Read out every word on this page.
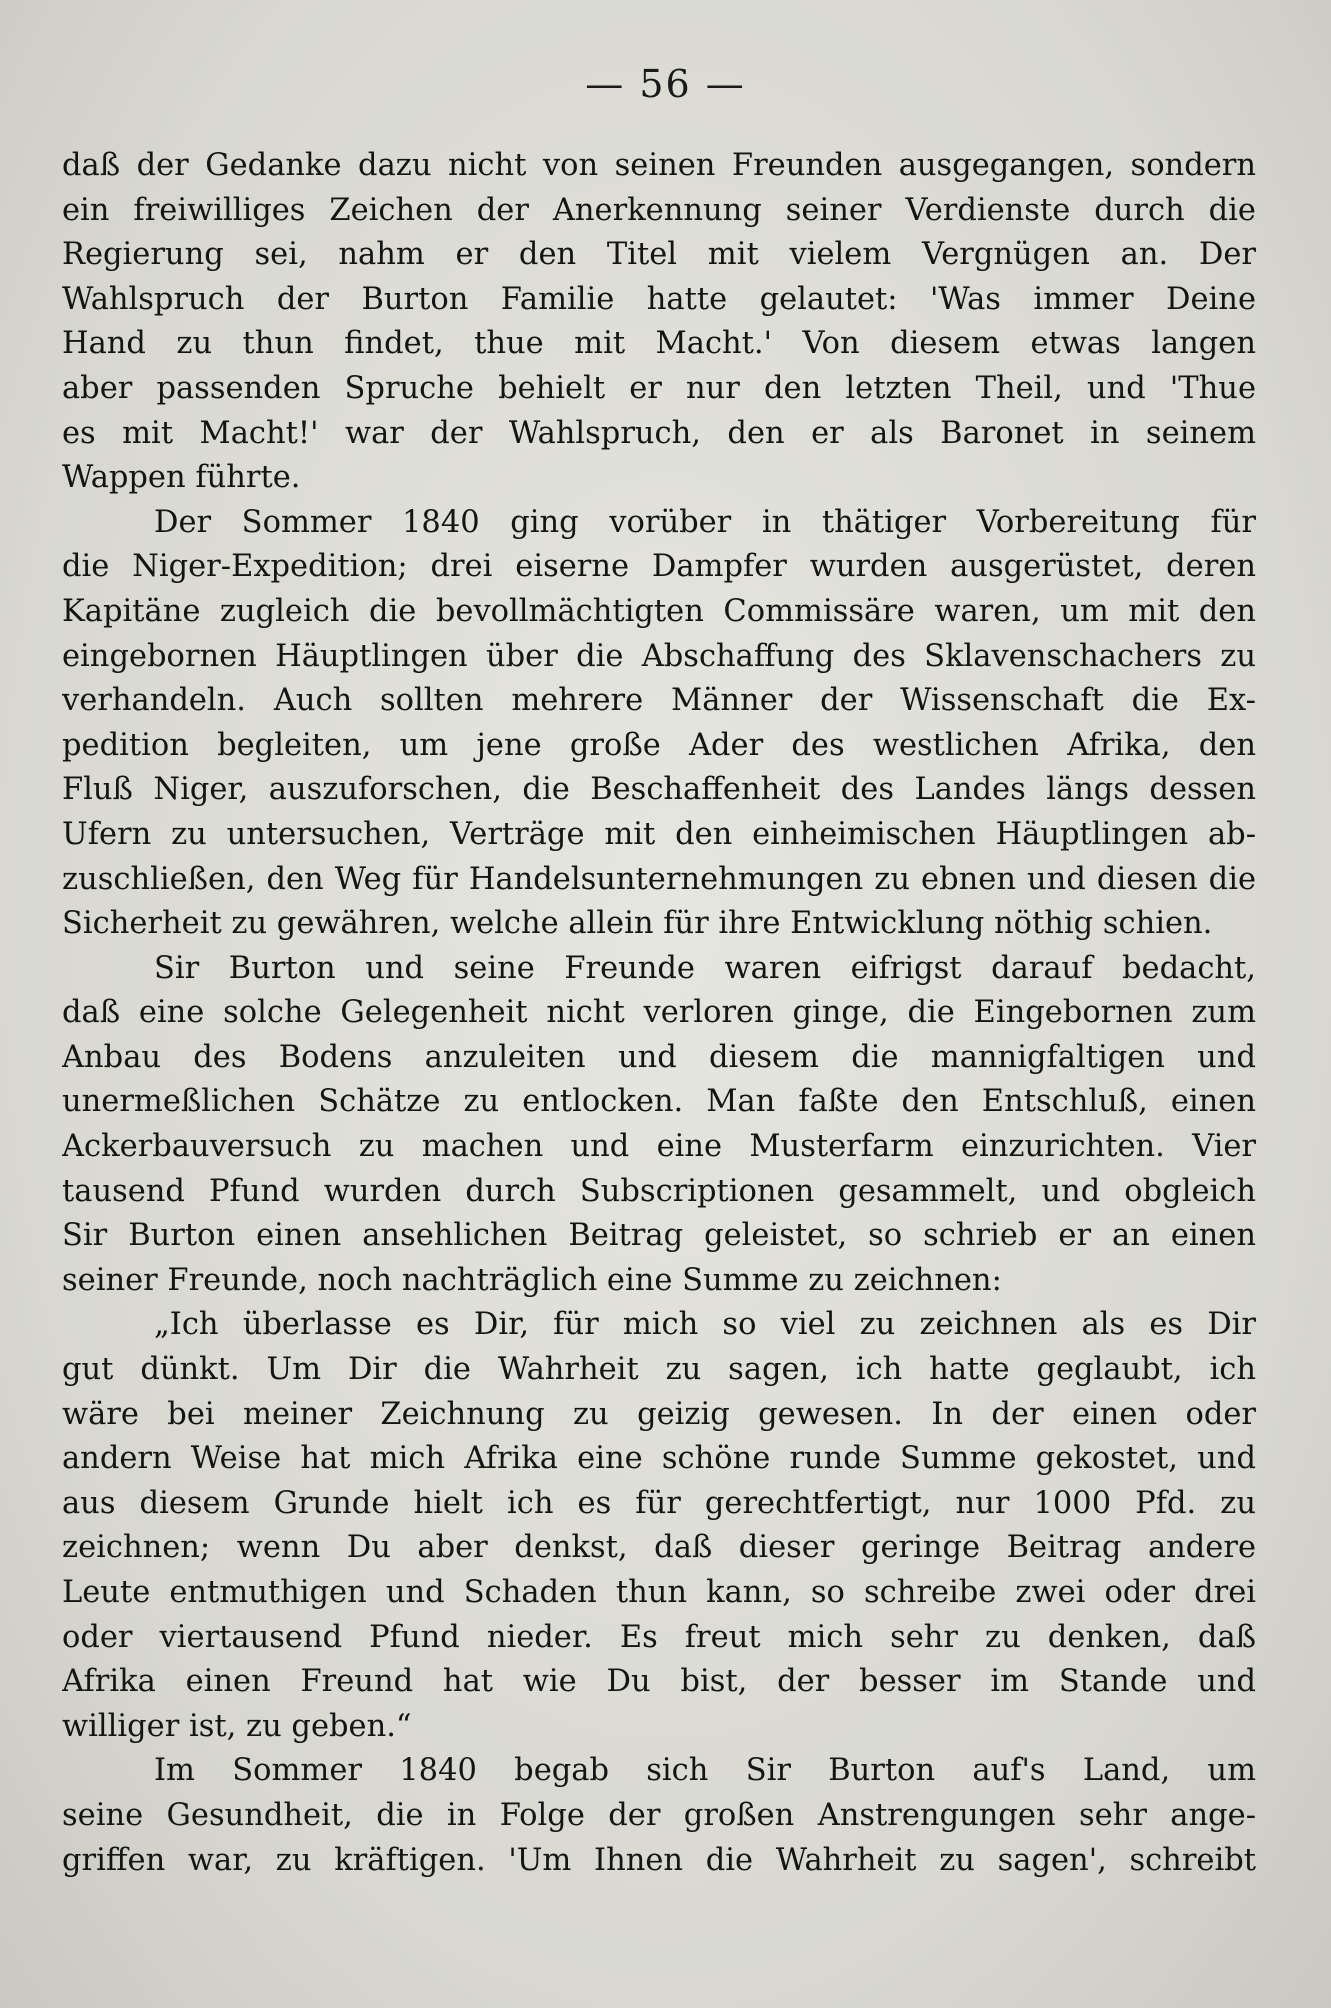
— 56 —
daß der Gedanke dazu nicht von seinen Freunden ausgegangen, sondern
ein freiwilliges Zeichen der Anerkennung seiner Verdienste durch die
Regierung sei, nahm er den Titel mit vielem Vergnügen an. Der
Wahlspruch der Burton Familie hatte gelautet: 'Was immer Deine
Hand zu thun findet, thue mit Macht.' Von diesem etwas langen
aber passenden Spruche behielt er nur den letzten Theil, und 'Thue
es mit Macht!' war der Wahlspruch, den er als Baronet in seinem
Wappen führte.
Der Sommer 1840 ging vorüber in thätiger Vorbereitung für
die Niger-Expedition; drei eiserne Dampfer wurden ausgerüstet, deren
Kapitäne zugleich die bevollmächtigten Commissäre waren, um mit den
eingebornen Häuptlingen über die Abschaffung des Sklavenschachers zu
verhandeln. Auch sollten mehrere Männer der Wissenschaft die Ex-
pedition begleiten, um jene große Ader des westlichen Afrika, den
Fluß Niger, auszuforschen, die Beschaffenheit des Landes längs dessen
Ufern zu untersuchen, Verträge mit den einheimischen Häuptlingen ab-
zuschließen, den Weg für Handelsunternehmungen zu ebnen und diesen die
Sicherheit zu gewähren, welche allein für ihre Entwicklung nöthig schien.
Sir Burton und seine Freunde waren eifrigst darauf bedacht,
daß eine solche Gelegenheit nicht verloren ginge, die Eingebornen zum
Anbau des Bodens anzuleiten und diesem die mannigfaltigen und
unermeßlichen Schätze zu entlocken. Man faßte den Entschluß, einen
Ackerbauversuch zu machen und eine Musterfarm einzurichten. Vier
tausend Pfund wurden durch Subscriptionen gesammelt, und obgleich
Sir Burton einen ansehlichen Beitrag geleistet, so schrieb er an einen
seiner Freunde, noch nachträglich eine Summe zu zeichnen:
„Ich überlasse es Dir, für mich so viel zu zeichnen als es Dir
gut dünkt. Um Dir die Wahrheit zu sagen, ich hatte geglaubt, ich
wäre bei meiner Zeichnung zu geizig gewesen. In der einen oder
andern Weise hat mich Afrika eine schöne runde Summe gekostet, und
aus diesem Grunde hielt ich es für gerechtfertigt, nur 1000 Pfd. zu
zeichnen; wenn Du aber denkst, daß dieser geringe Beitrag andere
Leute entmuthigen und Schaden thun kann, so schreibe zwei oder drei
oder viertausend Pfund nieder. Es freut mich sehr zu denken, daß
Afrika einen Freund hat wie Du bist, der besser im Stande und
williger ist, zu geben.“
Im Sommer 1840 begab sich Sir Burton auf's Land, um
seine Gesundheit, die in Folge der großen Anstrengungen sehr ange-
griffen war, zu kräftigen. 'Um Ihnen die Wahrheit zu sagen', schreibt
